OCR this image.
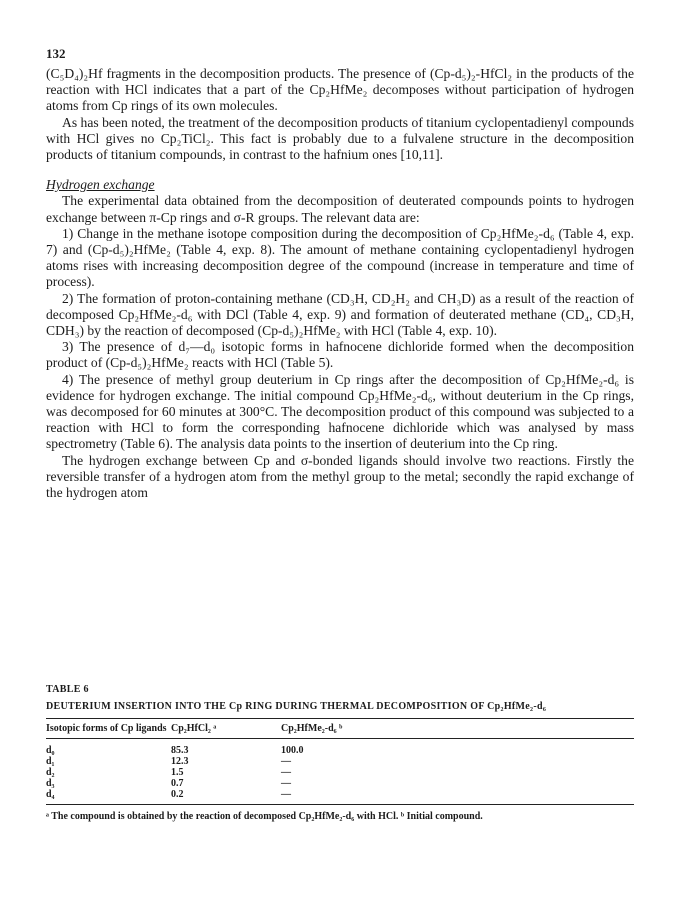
132

(C₅D₄)₂Hf fragments in the decomposition products. The presence of (Cp-d₅)₂-HfCl₂ in the products of the reaction with HCl indicates that a part of the Cp₂HfMe₂ decomposes without participation of hydrogen atoms from Cp rings of its own molecules.

As has been noted, the treatment of the decomposition products of titanium cyclopentadienyl compounds with HCl gives no Cp₂TiCl₂. This fact is probably due to a fulvalene structure in the decomposition products of titanium compounds, in contrast to the hafnium ones [10,11].

Hydrogen exchange

The experimental data obtained from the decomposition of deuterated compounds points to hydrogen exchange between π-Cp rings and σ-R groups. The relevant data are:

1) Change in the methane isotope composition during the decomposition of Cp₂HfMe₂-d₆ (Table 4, exp. 7) and (Cp-d₅)₂HfMe₂ (Table 4, exp. 8). The amount of methane containing cyclopentadienyl hydrogen atoms rises with increasing decomposition degree of the compound (increase in temperature and time of process).

2) The formation of proton-containing methane (CD₃H, CD₂H₂ and CH₃D) as a result of the reaction of decomposed Cp₂HfMe₂-d₆ with DCl (Table 4, exp. 9) and formation of deuterated methane (CD₄, CD₃H, CDH₃) by the reaction of decomposed (Cp-d₅)₂HfMe₂ with HCl (Table 4, exp. 10).

3) The presence of d₇—d₀ isotopic forms in hafnocene dichloride formed when the decomposition product of (Cp-d₅)₂HfMe₂ reacts with HCl (Table 5).

4) The presence of methyl group deuterium in Cp rings after the decomposition of Cp₂HfMe₂-d₆ is evidence for hydrogen exchange. The initial compound Cp₂HfMe₂-d₆, without deuterium in the Cp rings, was decomposed for 60 minutes at 300°C. The decomposition product of this compound was subjected to a reaction with HCl to form the corresponding hafnocene dichloride which was analysed by mass spectrometry (Table 6). The analysis data points to the insertion of deuterium into the Cp ring.

The hydrogen exchange between Cp and σ-bonded ligands should involve two reactions. Firstly the reversible transfer of a hydrogen atom from the methyl group to the metal; secondly the rapid exchange of the hydrogen atom

TABLE 6
DEUTERIUM INSERTION INTO THE Cp RING DURING THERMAL DECOMPOSITION OF Cp₂HfMe₂-d₆
Isotopic forms of Cp ligands	Cp₂HfCl₂ ᵃ	Cp₂HfMe₂-d₆ ᵇ
d₀	85.3	100.0
d₁	12.3	—
d₂	1.5	—
d₃	0.7	—
d₄	0.2	—
ᵃ The compound is obtained by the reaction of decomposed Cp₂HfMe₂-d₆ with HCl. ᵇ Initial compound.
